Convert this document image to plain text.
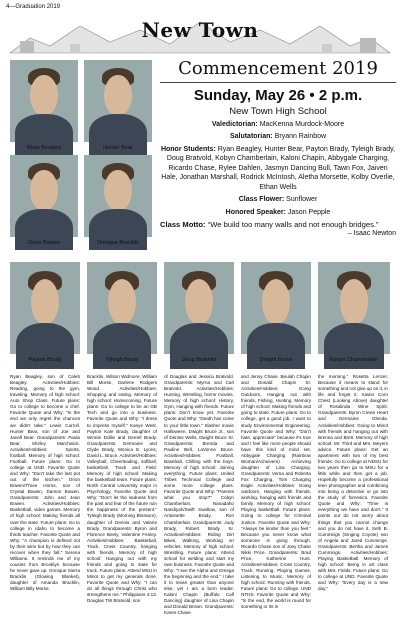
4—Graduation 2019
New Town
Ryan Beagley	Hunter Bear
Orion Bowen	Onnique Bracklin
Commencement 2019
Sunday, May 26 • 2 p.m.
New Town High School
Valedictorian: MacKenna Murdock-Moore
Salutatorian: Bryann Rainbow
Honor Students: Ryan Beagley, Hunter Bear, Payton Brady, Tyleigh Brady, Doug Bratvold, Kobyn Chamberlain, Kaloni Chapin, Abbygale Charging, Ricardo Chase, Rylee Dahlen, Jasmyn Dancing Bull, Tawn Fox, Jaiven Hale, Jonathan Marshall, Rodrick McIntosh, Aletha Morsette, Kolby Overlie, Ethan Wells
Class Flower: Sunflower
Honored Speaker: Jason Pepple
Class Motto: “We build too many walls and not enough bridges.”
– Isaac Newton
Payton Brady	Tyleigh Brady	Doug Bratvold	Dwight Bruce	Kobyn Chamberlain
Ryan Beagley, son of Caleb Beagley. Activities/Hobbies: Reading, going to the gym, traveling. Memory of high school: Auto Shop Class. Future plans: Go to college to become a chef. Favorite Quote and Why: "In the end we only regret the chances we didn't take." Lewis Carroll. Hunter Bear, son of Joe and Janell Bear. Grandparents: Paula Bear, Shirley Marchwick. Activities/Hobbies: Sports, football. Memory of high school: Football. Future plans: Go to college at UND. Favorite Quote and Why: "Don't take the last pot out of the kitchen." Orion Bowen/Three Horns, son of Crystal Bowen, Damon Bowen. Grandparents: John and Jean Bowen. Activities/Hobbies: Basketball, video games. Memory of high school: Making friends all over the state. Future plans: Go to college in Idaho to become a thirds teacher. Favorite Quote and Why: "A champion is defined not by their wins but by how they can recover when they fall." Serena Williams. It reminds me of my cousins from Brooklyn because he never gave up. Onnique Sierra Bracklin (Glowing Blanket), daughter of Amanda Bracklin, William Billy Morse.
Bracklin, Wilson Widmore, William Bill Morse, Darlene Rodgers Wood. Activities/Hobbies: Shopping and eating. Memory of high school: Homecoming. Future plans: Go to college to be an OB Tech and go into a business. Favorite Quote and Why: "I dress to impress myself." Kanye West. Payton Kale Brady, daughter of Winnie Dollie and Derrell Brady. Grandparents: Germaine and Clyde Brady, Monica E. Lyons, David L. Bruce. Activities/Hobbies: Volleyball, Cheerleading, softball, basketball, Track and Field. Memory of high school: Making the basketball team. Future plans: North Central University major in Psychology. Favorite Quote and Why: "Don't let the sadness from the past and fear of the future ruin the happiness of the present." Tyleigh Brady (Morning Blossom), daughter of Dennis and Valerie Brady. Grandparents: Byron and Florence Beely, Valentine Fenley. Activities/Hobbies: Basketball, Track, Cross Country, hanging with friends. Memory of high school: Hanging out with my friends and going to state for track. Future plans: Attend MSU in Minot to get my generals done. Favorite Quote and Why: "I can do all things through Christ who strengthens me." Philippians 4:13. Douglas TW Bratvold, son
of Douglas and Jessica Bratvold. Grandparents: Myrna and Carl Bratvold. Activities/Hobbies: Hunting, Wrestling, horror movies. Memory of high school: History, Gym, Hanging with friends. Future plans: Don't know yet. Favorite Quote and Why: "Death has come to your little town." Slasher movie Halloween. Dwight Bruce Jr., son of Denise Wells, Dwight Bruce Sr. Grandparents: Brenda and Pauline Bell, LaVonne Bruce. Activities/Hobbies: Football, Baseball, Chilling with the boys. Memory of high school: Joining everything. Future plans: United Tribes Technical College and some more college plans. Favorite Quote and Why: "Parents what you stop?" Cobyn Chamberlain, Nanadaho Nandiyah/Swift Swallow, son of Antoinette Brady, Ron Chamberlain. Grandparents: Judy Brady, Robert Brady Sr. Activities/Hobbies: Riding Dirt Bikes, Walking, Working on vehicles. Memory of high school: Wrestling. Future plans: Attend school for welding and start my own business. Favorite Quote and Why: "I see the Alpha and Omega the beginning and the end." I take it to mean greater than anyone else, yet I am a born leader. Kaloni Chapin (Buffalo Calf Dancing) daughter of Lisa Chapin and Donald Brown. Grandparents: Karen Chase
and Jenny Chase, Beulah Chapin and Donald Chapin Sr. Activities/Hobbies: Going Outdoors, Hanging out with friends, Fishing, Hunting. Memory of high school: Making friends and going to state. Future plans: Go to college, get a good job. I want to study Environmental Engineering. Favorite Quote and Why: "Don't hate, appreciate" because it's true and I feel like more people should have this kind of mind set. Abbygale Charging (Rainbow Woman/Achievers) Achieving daughter of Lisa Charging. Grandparents: Verna and Roberta Fox Charging, Tom Charging Eagle. Activities/Hobbies: Going outdoors, Hanging with friends, working, hanging with friends and family. Memory of high school: Playing basketball. Future plans: Going to college for Criminal Justice. Favorite Quote and Why: "Always be kinder than you feel." Because you never know what someone is going through. Ricardo Chase son of Joey Chase Nikki Price. Grandparents: Brad Price, Katherine Hunt. Activities/Hobbies: Cross Country, Track, Running, Playing Games, Listening to Music. Memory of high school: Running with friends. Future plans: Go to college. UND NTHS. Favorite Quote and Why: "In the end, the world is round for something or its in
the morning." Rosetta Lenzer. Because it means to stand for something and not give up on it, in life and forget it. Xavier Corn Chest (Looking Above) daughter of Rosalinda Wine Spirit. Grandparents: Byron Crews Heart and Germaine Glenda. Activities/Hobbies: Going to Minot with friends and hanging out with Brenna and Brett. Memory of high school: Mr. Third and Mrs. Meyers advice. Future plans: Get an apartment with two of my best friends. Go to college at NDSU for two years then go to MSU for a little while and then get a job. Hopefully become a professional teen photographer and combining into being a detective or go into the study of forensics. Favorite Quote and Why: "Time is everything we have and don't." It points out do not worry about things that you cannot change and you do not have it. Seth B. Cummings (Singing Coyote) son of Angela and Jared Cummings. Grandparents: Bertha and James Cummings. Activities/Hobbies: Playing Basketball. Memory of high school: Being in art class with Mrs. Fields. Future plans: Go to college at UND. Favorite Quote and Why: "Every day is a new day."
